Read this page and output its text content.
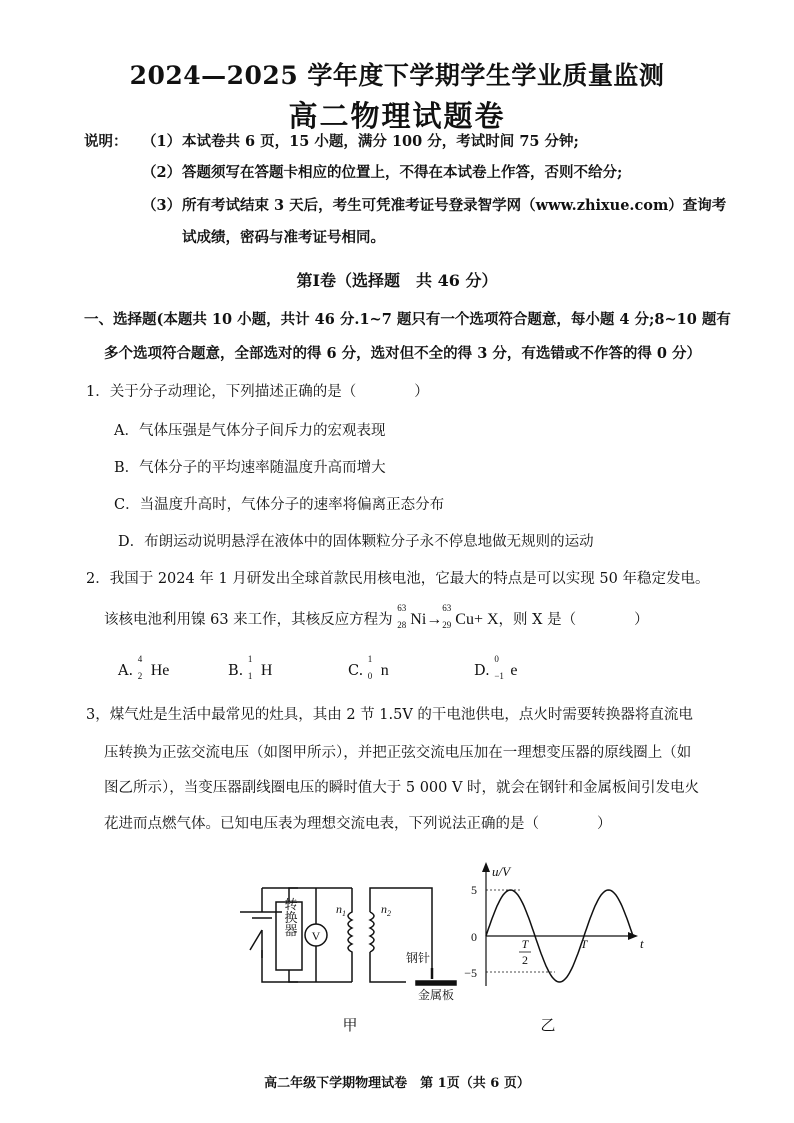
2024—2025 学年度下学期学生学业质量监测
高二物理试题卷
说明： （1） 本试卷共 6 页，15 小题，满分 100 分，考试时间 75 分钟;
（2） 答题须写在答题卡相应的位置上，不得在本试卷上作答，否则不给分;
（3） 所有考试结束 3 天后，考生可凭准考证号登录智学网（www.zhixue.com）查询考
试成绩，密码与准考证号相同。
第Ⅰ卷（选择题　共 46 分）
一、选择题(本题共 10 小题，共计 46 分.1~7 题只有一个选项符合题意，每小题 4 分;8~10 题有
多个选项符合题意，全部选对的得 6 分，选对但不全的得 3 分，有选错或不作答的得 0 分）
1．关于分子动理论，下列描述正确的是（　　　　）
A．气体压强是气体分子间斥力的宏观表现
B．气体分子的平均速率随温度升高而增大
C．当温度升高时，气体分子的速率将偏离正态分布
D．布朗运动说明悬浮在液体中的固体颗粒分子永不停息地做无规则的运动
2．我国于 2024 年 1 月研发出全球首款民用核电池，它最大的特点是可以实现 50 年稳定发电。
该核电池利用镍 63 来工作，其核反应方程为
63
28 Ni→
63
29 Cu+ X，则 X 是（　　　　）
A.
4
2 He	B.
1
1 H	C.
1
0 n	D.
0
−1 e
3，煤气灶是生活中最常见的灶具，其由 2 节 1.5V 的干电池供电，点火时需要转换器将直流电
压转换为正弦交流电压（如图甲所示），并把正弦交流电压加在一理想变压器的原线圈上（如
图乙所示），当变压器副线圈电压的瞬时值大于 5 000 V 时，就会在钢针和金属板间引发电火
花进而点燃气体。已知电压表为理想交流电表，下列说法正确的是（　　　　）
转换器 V
$n_1$	$n_2$
钢针
金属板
u/V
t
5
0
−5
T
2
T
甲	乙
高二年级下学期物理试卷　第 1页（共 6 页）
